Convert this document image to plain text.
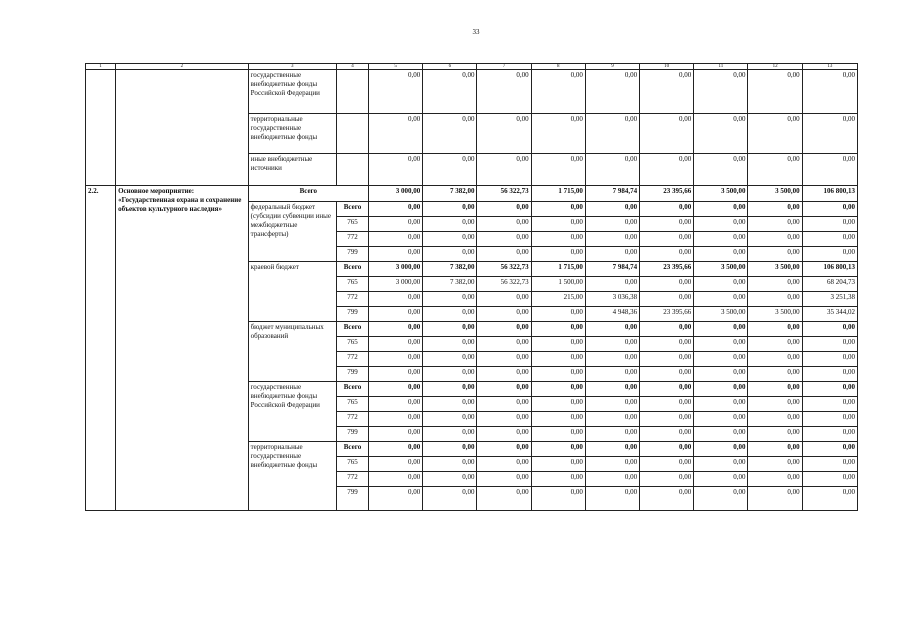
33
1	2	3	4	5	6	7	8	9	10	11	12	13
		государственные внебюджетные фонды Российской Федерации		0,00	0,00	0,00	0,00	0,00	0,00	0,00	0,00	0,00
		территориальные государственные внебюджетные фонды		0,00	0,00	0,00	0,00	0,00	0,00	0,00	0,00	0,00
		иные внебюджетные источники		0,00	0,00	0,00	0,00	0,00	0,00	0,00	0,00	0,00
2.2.	Основное мероприятие: «Государственная охрана и сохранение объектов культурного наследия»	Всего		3 000,00	7 382,00	56 322,73	1 715,00	7 984,74	23 395,66	3 500,00	3 500,00	106 800,13
		федеральный бюджет (субсидии субвенции иные межбюджетные трансферты)	Всего	0,00	0,00	0,00	0,00	0,00	0,00	0,00	0,00	0,00
			765	0,00	0,00	0,00	0,00	0,00	0,00	0,00	0,00	0,00
			772	0,00	0,00	0,00	0,00	0,00	0,00	0,00	0,00	0,00
			799	0,00	0,00	0,00	0,00	0,00	0,00	0,00	0,00	0,00
		краевой бюджет	Всего	3 000,00	7 382,00	56 322,73	1 715,00	7 984,74	23 395,66	3 500,00	3 500,00	106 800,13
			765	3 000,00	7 382,00	56 322,73	1 500,00	0,00	0,00	0,00	0,00	68 204,73
			772	0,00	0,00	0,00	215,00	3 036,38	0,00	0,00	0,00	3 251,38
			799	0,00	0,00	0,00	0,00	4 948,36	23 395,66	3 500,00	3 500,00	35 344,02
		бюджет муниципальных образований	Всего	0,00	0,00	0,00	0,00	0,00	0,00	0,00	0,00	0,00
			765	0,00	0,00	0,00	0,00	0,00	0,00	0,00	0,00	0,00
			772	0,00	0,00	0,00	0,00	0,00	0,00	0,00	0,00	0,00
			799	0,00	0,00	0,00	0,00	0,00	0,00	0,00	0,00	0,00
		государственные внебюджетные фонды Российской Федерации	Всего	0,00	0,00	0,00	0,00	0,00	0,00	0,00	0,00	0,00
			765	0,00	0,00	0,00	0,00	0,00	0,00	0,00	0,00	0,00
			772	0,00	0,00	0,00	0,00	0,00	0,00	0,00	0,00	0,00
			799	0,00	0,00	0,00	0,00	0,00	0,00	0,00	0,00	0,00
		территориальные государственные внебюджетные фонды	Всего	0,00	0,00	0,00	0,00	0,00	0,00	0,00	0,00	0,00
			765	0,00	0,00	0,00	0,00	0,00	0,00	0,00	0,00	0,00
			772	0,00	0,00	0,00	0,00	0,00	0,00	0,00	0,00	0,00
			799	0,00	0,00	0,00	0,00	0,00	0,00	0,00	0,00	0,00
